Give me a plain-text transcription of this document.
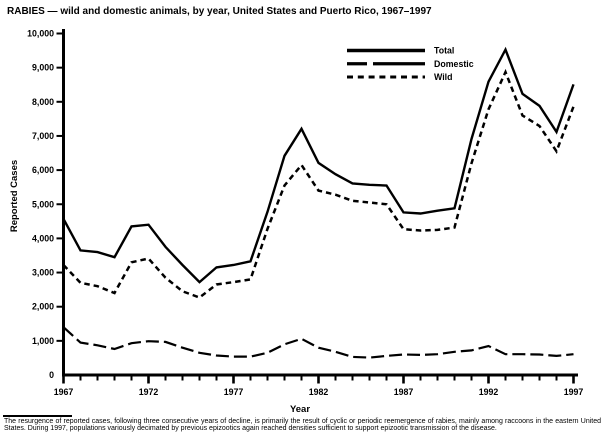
RABIES — wild and domestic animals, by year, United States and Puerto Rico, 1967–1997
Reported Cases
Year
0
1,000
2,000
3,000
4,000
5,000
6,000
7,000
8,000
9,000
10,000
1967	1972	1977	1982	1987	1992	1997
Total
Domestic
Wild
The resurgence of reported cases, following three consecutive years of decline, is primarily the result of cyclic or periodic reemergence of rabies, mainly among raccoons in the eastern United States. During 1997, populations variously decimated by previous epizootics again reached densities sufficient to support epizootic transmission of the disease.
